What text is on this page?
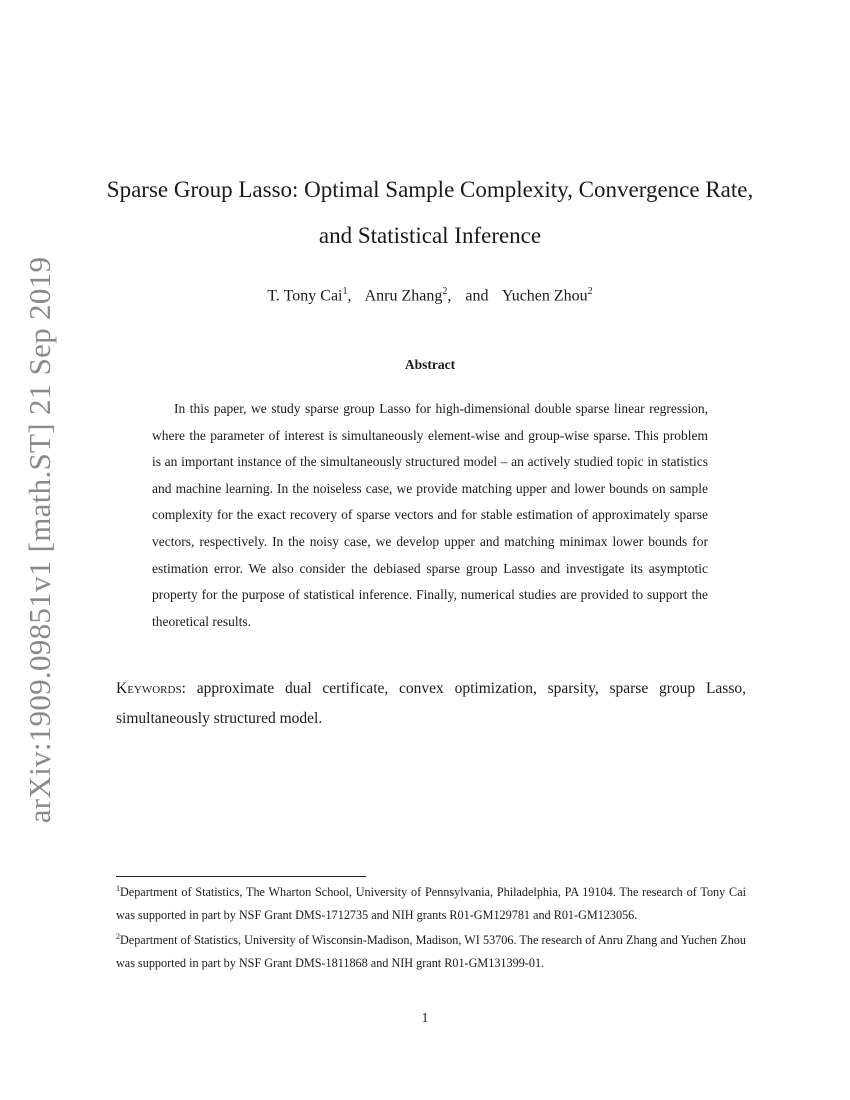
arXiv:1909.09851v1 [math.ST] 21 Sep 2019
Sparse Group Lasso: Optimal Sample Complexity, Convergence Rate, and Statistical Inference
T. Tony Cai$^1$, Anru Zhang$^2$, and Yuchen Zhou$^2$
Abstract

In this paper, we study sparse group Lasso for high-dimensional double sparse linear regression, where the parameter of interest is simultaneously element-wise and group-wise sparse. This problem is an important instance of the simultaneously structured model – an actively studied topic in statistics and machine learning. In the noiseless case, we provide matching upper and lower bounds on sample complexity for the exact recovery of sparse vectors and for stable estimation of approximately sparse vectors, respectively. In the noisy case, we develop upper and matching minimax lower bounds for estimation error. We also consider the debiased sparse group Lasso and investigate its asymptotic property for the purpose of statistical inference. Finally, numerical studies are provided to support the theoretical results.

Keywords: approximate dual certificate, convex optimization, sparsity, sparse group Lasso, simultaneously structured model.

$^1$Department of Statistics, The Wharton School, University of Pennsylvania, Philadelphia, PA 19104. The research of Tony Cai was supported in part by NSF Grant DMS-1712735 and NIH grants R01-GM129781 and R01-GM123056.

$^2$Department of Statistics, University of Wisconsin-Madison, Madison, WI 53706. The research of Anru Zhang and Yuchen Zhou was supported in part by NSF Grant DMS-1811868 and NIH grant R01-GM131399-01.

1
